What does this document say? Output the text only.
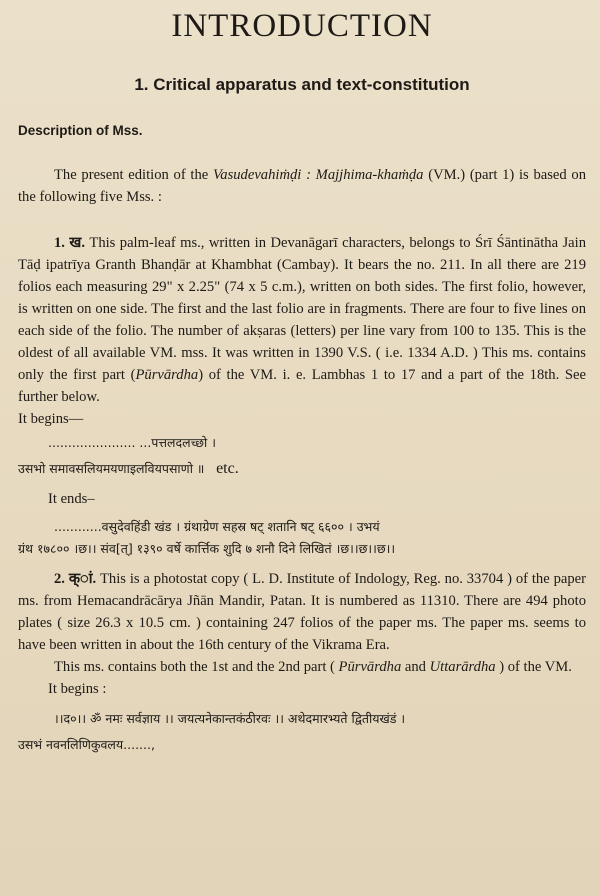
INTRODUCTION
1. Critical apparatus and text-constitution
Description of Mss.

The present edition of the Vasudevahiṁḍi : Majjhima-khaṁḍa (VM.) (part 1) is based on the following five Mss. :

1. ख. This palm-leaf ms., written in Devanāgarī characters, belongs to Śrī Śāntinātha Jain Tāḍ ipatrīya Granth Bhanḍār at Khambhat (Cambay). It bears the no. 211. In all there are 219 folios each measuring 29" x 2.25" (74 x 5 c.m.), written on both sides. The first folio, however, is written on one side. The first and the last folio are in fragments. There are four to five lines on each side of the folio. The number of akṣaras (letters) per line vary from 100 to 135. This is the oldest of all available VM. mss. It was written in 1390 V.S. ( i.e. 1334 A.D. ) This ms. contains only the first part (Pūrvārdha) of the VM. i. e. Lambhas 1 to 17 and a part of the 18th. See further below.

It begins—
...................... ...पत्तलदलच्छो ।
उसभो समावसलियमयणाइलवियपसाणो ॥ etc.
It ends–
............वसुदेवहिंडी खंड । ग्रंथाग्रेण सहस्र षट् शतानि षट् ६६०० । उभयं
ग्रंथ १७८०० ।छ।। संव[त्] १३९० वर्षे कार्त्तिक शुदि ७ शनौ दिने लिखितं ।छ।।छ।।छ।।

2. क्ां. This is a photostat copy ( L. D. Institute of Indology, Reg. no. 33704 ) of the paper ms. from Hemacandrācārya Jñān Mandir, Patan. It is numbered as 11310. There are 494 photo plates ( size 26.3 x 10.5 cm. ) containing 247 folios of the paper ms. The paper ms. seems to have been written in about the 16th century of the Vikrama Era.

This ms. contains both the 1st and the 2nd part ( Pūrvārdha and Uttarārdha ) of the VM.

It begins :
।।द०।। ॐ नमः सर्वज्ञाय ।। जयत्यनेकान्तकंठीरवः ।। अथेदमारभ्यते द्वितीयखंडं ।
उसभं नवनलिणिकुवलय.......,
